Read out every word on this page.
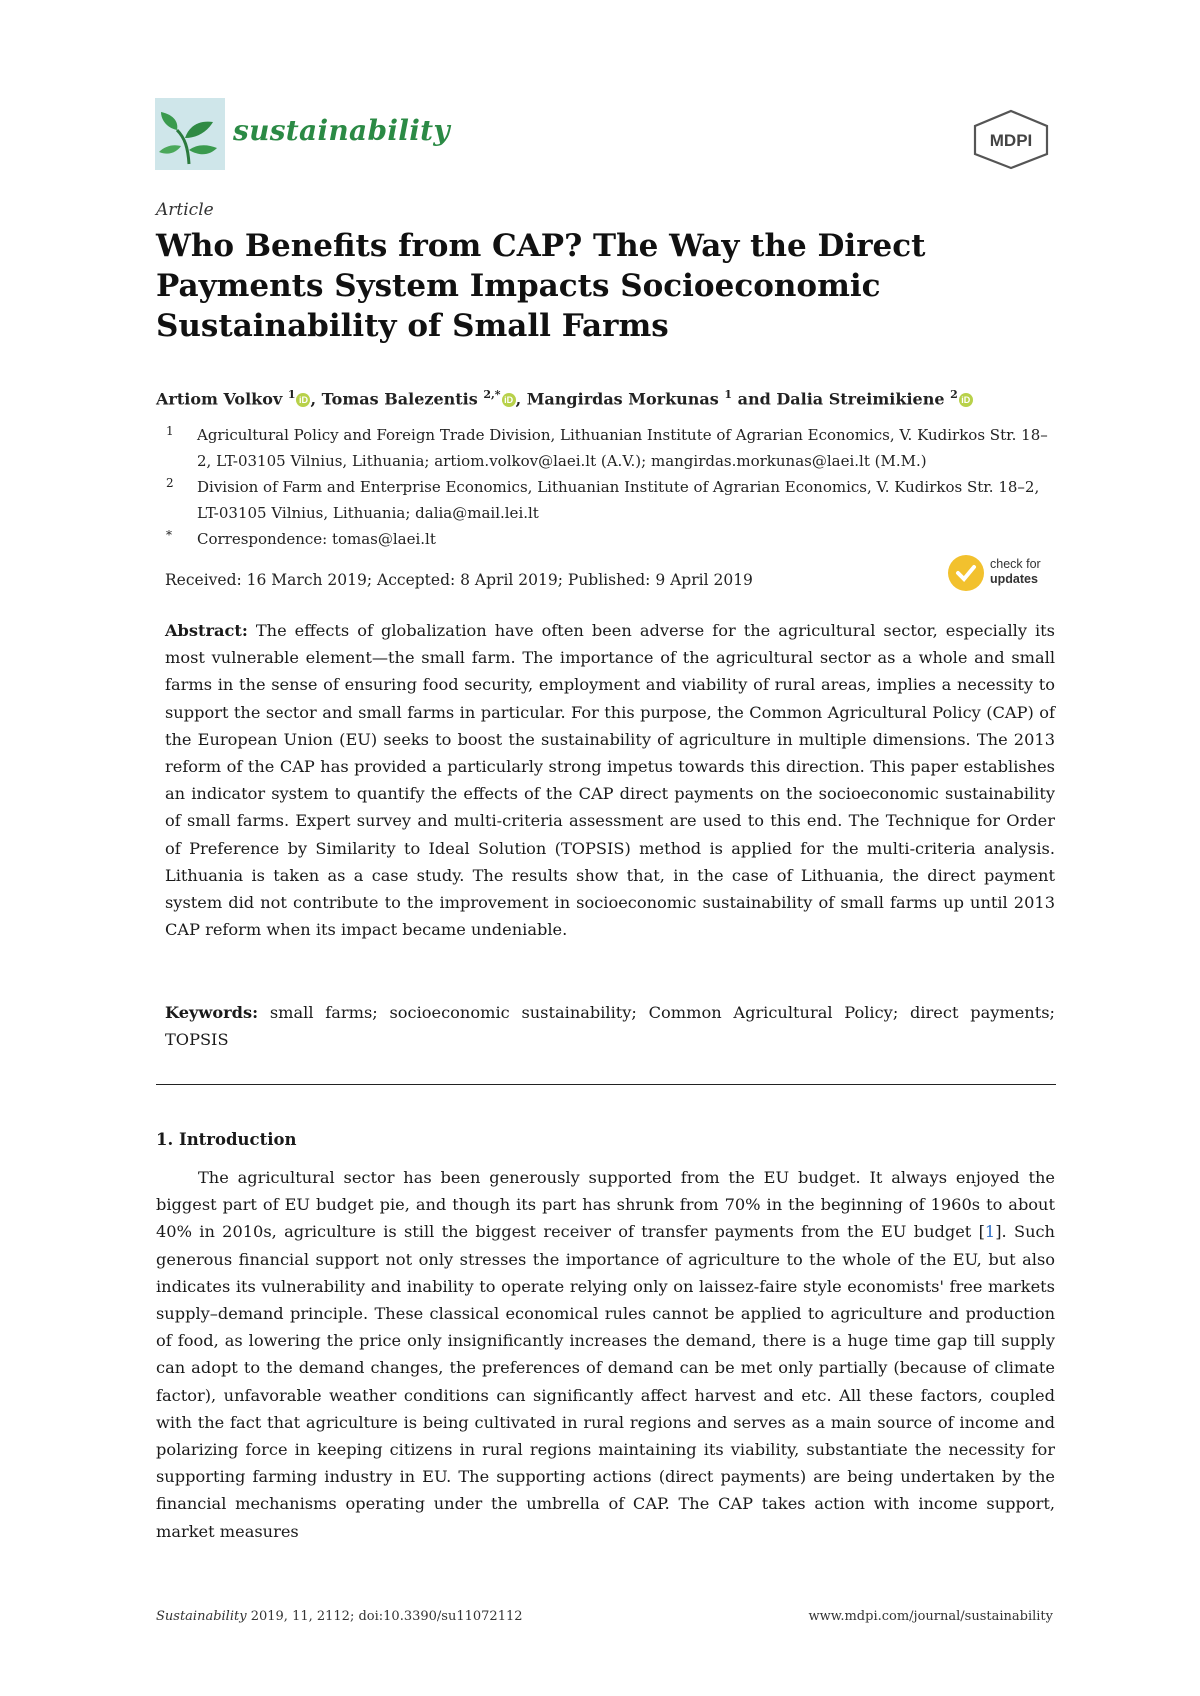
sustainability	MDPI
Article
Who Benefits from CAP? The Way the Direct Payments System Impacts Socioeconomic Sustainability of Small Farms
Artiom Volkov $^1$ iD , Tomas Balezentis $^{2,*}$ iD , Mangirdas Morkunas $^1$ and Dalia Streimikiene $^2$ iD
1 Agricultural Policy and Foreign Trade Division, Lithuanian Institute of Agrarian Economics, V. Kudirkos Str. 18–2, LT-03105 Vilnius, Lithuania; artiom.volkov@laei.lt (A.V.); mangirdas.morkunas@laei.lt (M.M.)
2 Division of Farm and Enterprise Economics, Lithuanian Institute of Agrarian Economics, V. Kudirkos Str. 18–2, LT-03105 Vilnius, Lithuania; dalia@mail.lei.lt
* Correspondence: tomas@laei.lt
Received: 16 March 2019; Accepted: 8 April 2019; Published: 9 April 2019
check for
updates

Abstract: The effects of globalization have often been adverse for the agricultural sector, especially its most vulnerable element—the small farm. The importance of the agricultural sector as a whole and small farms in the sense of ensuring food security, employment and viability of rural areas, implies a necessity to support the sector and small farms in particular. For this purpose, the Common Agricultural Policy (CAP) of the European Union (EU) seeks to boost the sustainability of agriculture in multiple dimensions. The 2013 reform of the CAP has provided a particularly strong impetus towards this direction. This paper establishes an indicator system to quantify the effects of the CAP direct payments on the socioeconomic sustainability of small farms. Expert survey and multi-criteria assessment are used to this end. The Technique for Order of Preference by Similarity to Ideal Solution (TOPSIS) method is applied for the multi-criteria analysis. Lithuania is taken as a case study. The results show that, in the case of Lithuania, the direct payment system did not contribute to the improvement in socioeconomic sustainability of small farms up until 2013 CAP reform when its impact became undeniable.

Keywords: small farms; socioeconomic sustainability; Common Agricultural Policy; direct payments; TOPSIS

1. Introduction

The agricultural sector has been generously supported from the EU budget. It always enjoyed the biggest part of EU budget pie, and though its part has shrunk from 70% in the beginning of 1960s to about 40% in 2010s, agriculture is still the biggest receiver of transfer payments from the EU budget [1]. Such generous financial support not only stresses the importance of agriculture to the whole of the EU, but also indicates its vulnerability and inability to operate relying only on laissez-faire style economists' free markets supply–demand principle. These classical economical rules cannot be applied to agriculture and production of food, as lowering the price only insignificantly increases the demand, there is a huge time gap till supply can adopt to the demand changes, the preferences of demand can be met only partially (because of climate factor), unfavorable weather conditions can significantly affect harvest and etc. All these factors, coupled with the fact that agriculture is being cultivated in rural regions and serves as a main source of income and polarizing force in keeping citizens in rural regions maintaining its viability, substantiate the necessity for supporting farming industry in EU. The supporting actions (direct payments) are being undertaken by the financial mechanisms operating under the umbrella of CAP. The CAP takes action with income support, market measures

Sustainability 2019, 11, 2112; doi:10.3390/su11072112	www.mdpi.com/journal/sustainability
